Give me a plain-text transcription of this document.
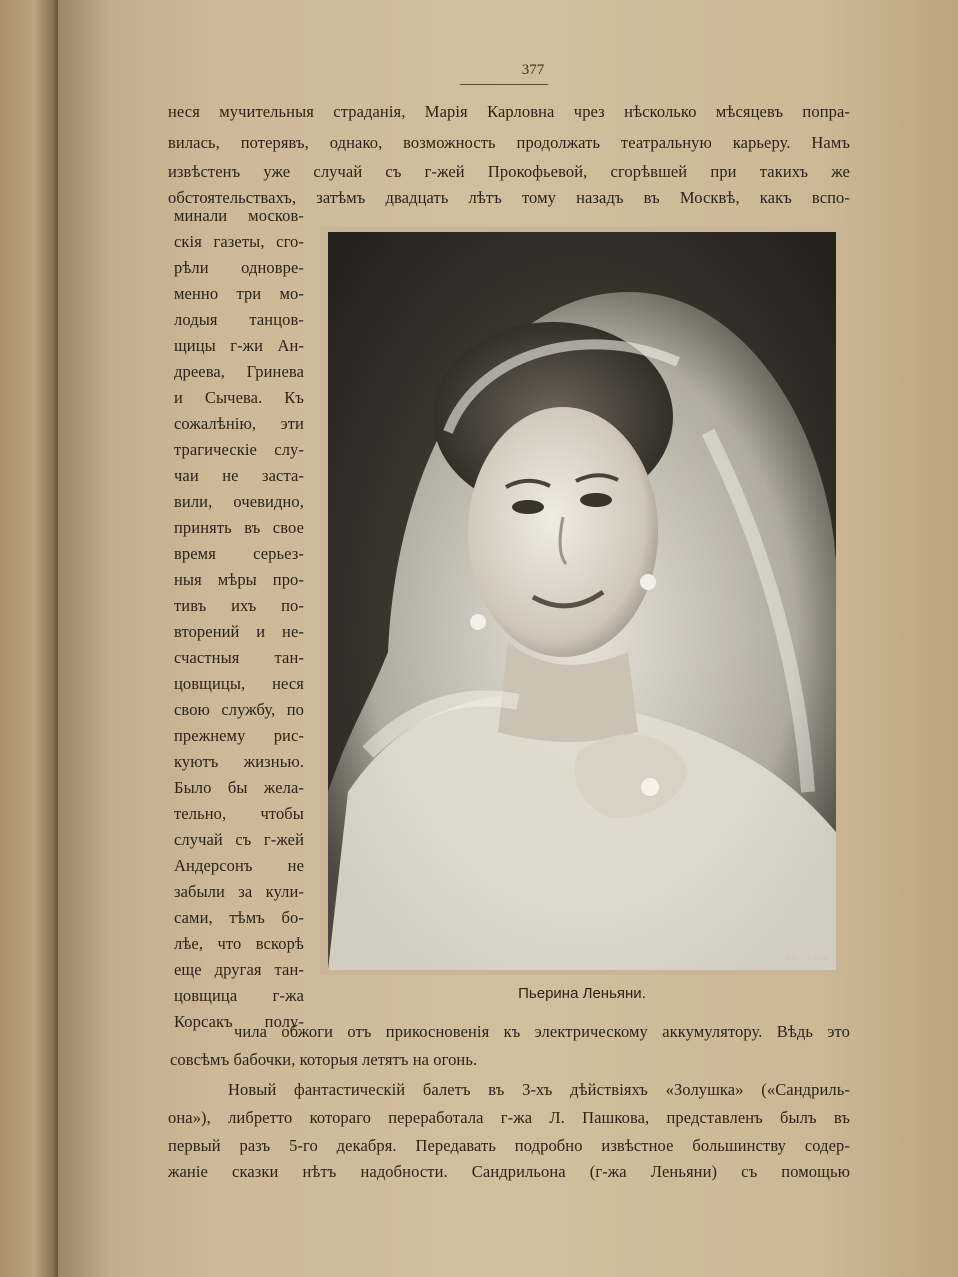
377
неся мучительныя страданія, Марія Карловна чрез нѣсколько мѣсяцевъ попра-
вилась, потерявъ, однако, возможность продолжать театральную карьеру. Намъ
извѣстенъ уже случай съ г-жей Прокофьевой, сгорѣвшей при такихъ же
обстоятельствахъ, затѣмъ двадцать лѣтъ тому назадъ въ Москвѣ, какъ вспо-
минали москов-
скія газеты, сго-
рѣли одновре-
менно три мо-
лодыя танцов-
щицы г-жи Ан-
дреева, Гринева
и Сычева. Къ
сожалѣнію, эти
трагическіе слу-
чаи не заста-
вили, очевидно,
принять въ свое
время серьез-
ныя мѣры про-
тивъ ихъ по-
вторений и не-
счастныя тан-
цовщицы, неся
свою службу, по
прежнему рис-
куютъ жизнью.
Было бы жела-
тельно, чтобы
случай съ г-жей
Андерсонъ не
забыли за кули-
сами, тѣмъ бо-
лѣе, что вскорѣ
еще другая тан-
цовщица г-жа
Корсакъ полу-
Фр. Гл.-Луи
Пьерина Леньяни.
чила обжоги отъ прикосновенія къ электрическому аккумулятору. Вѣдь это
совсѣмъ бабочки, которыя летятъ на огонь.
Новый фантастическій балетъ въ 3-хъ дѣйствіяхъ «Золушка» («Сандриль-
она»), либретто котораго переработала г-жа Л. Пашкова, представленъ былъ въ
первый разъ 5-го декабря. Передавать подробно извѣстное большинству содер-
жаніе сказки нѣтъ надобности. Сандрильона (г-жа Леньяни) съ помощью
